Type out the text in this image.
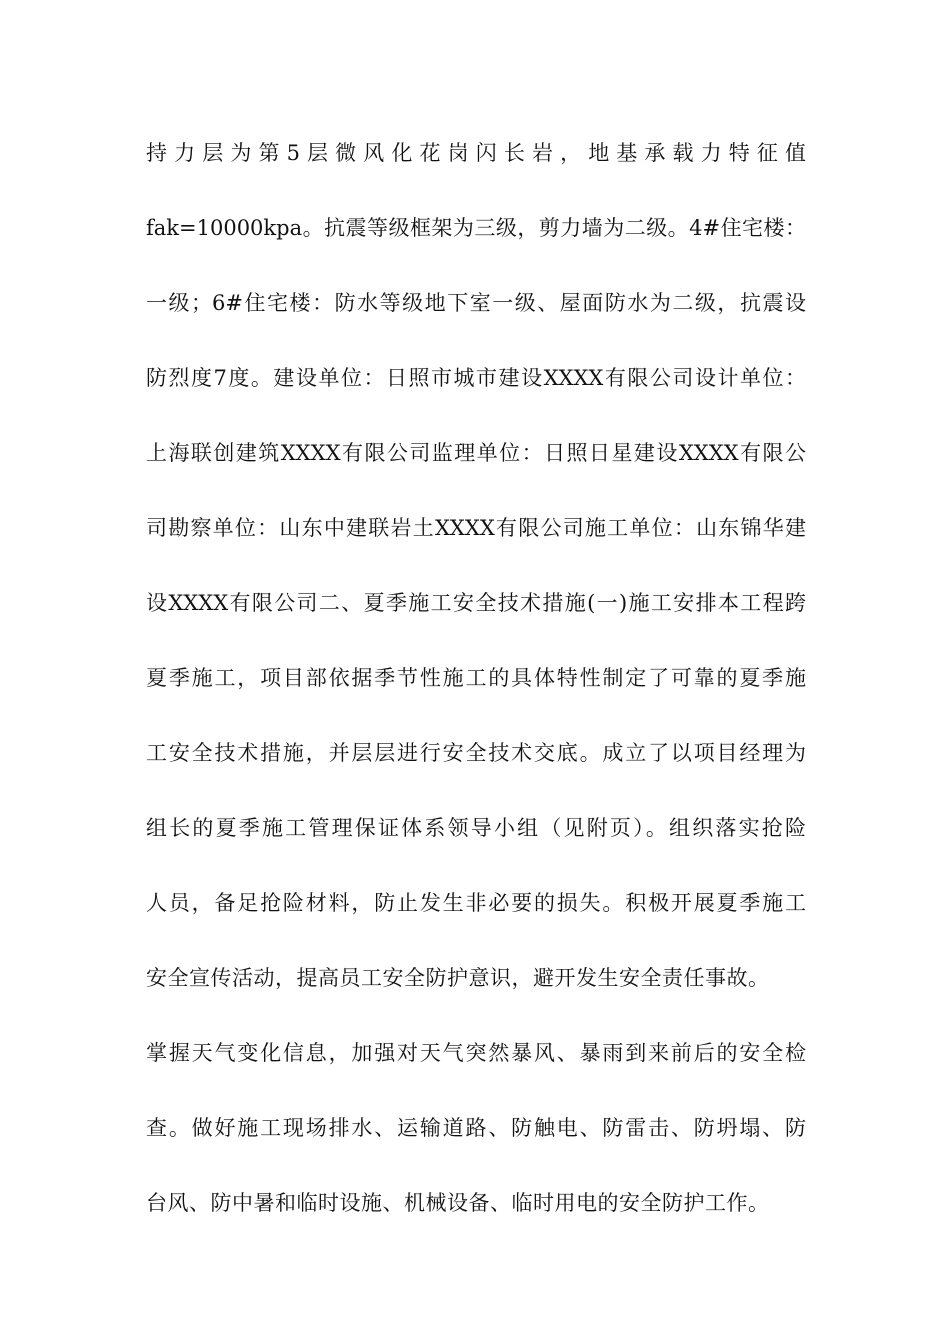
持力层为第5层微风化花岗闪长岩，地基承载力特征值
fak=10000kpa。抗震等级框架为三级，剪力墙为二级。4#住宅楼：
一级；6#住宅楼：防水等级地下室一级、屋面防水为二级，抗震设
防烈度7度。建设单位：日照市城市建设XXXX有限公司设计单位：
上海联创建筑XXXX有限公司监理单位：日照日星建设XXXX有限公
司勘察单位：山东中建联岩土XXXX有限公司施工单位：山东锦华建
设XXXX有限公司二、夏季施工安全技术措施(一)施工安排本工程跨
夏季施工，项目部依据季节性施工的具体特性制定了可靠的夏季施
工安全技术措施，并层层进行安全技术交底。成立了以项目经理为
组长的夏季施工管理保证体系领导小组（见附页）。组织落实抢险
人员，备足抢险材料，防止发生非必要的损失。积极开展夏季施工
安全宣传活动，提高员工安全防护意识，避开发生安全责任事故。
掌握天气变化信息，加强对天气突然暴风、暴雨到来前后的安全检
查。做好施工现场排水、运输道路、防触电、防雷击、防坍塌、防
台风、防中暑和临时设施、机械设备、临时用电的安全防护工作。
